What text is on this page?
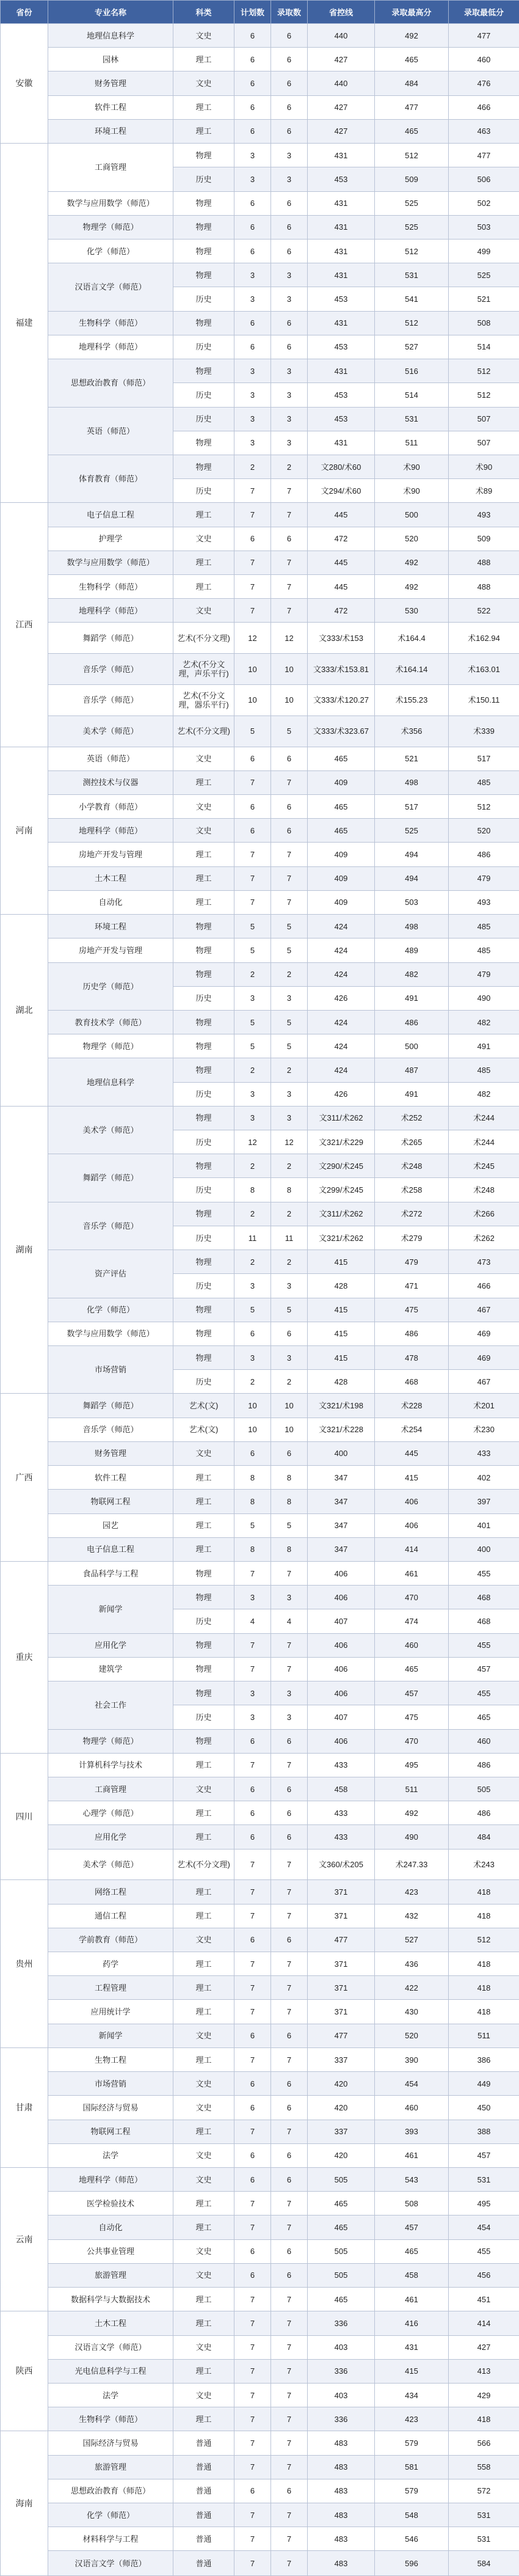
省份	专业名称	科类	计划数	录取数	省控线	录取最高分	录取最低分
安徽	地理信息科学	文史	6	6	440	492	477
	园林	理工	6	6	427	465	460
	财务管理	文史	6	6	440	484	476
	软件工程	理工	6	6	427	477	466
	环境工程	理工	6	6	427	465	463
福建	工商管理	物理	3	3	431	512	477
		历史	3	3	453	509	506
	数学与应用数学（师范）	物理	6	6	431	525	502
	物理学（师范）	物理	6	6	431	525	503
	化学（师范）	物理	6	6	431	512	499
	汉语言文学（师范）	物理	3	3	431	531	525
		历史	3	3	453	541	521
	生物科学（师范）	物理	6	6	431	512	508
	地理科学（师范）	历史	6	6	453	527	514
	思想政治教育（师范）	物理	3	3	431	516	512
		历史	3	3	453	514	512
	英语（师范）	历史	3	3	453	531	507
		物理	3	3	431	511	507
	体育教育（师范）	物理	2	2	文280/术60	术90	术90
		历史	7	7	文294/术60	术90	术89
江西	电子信息工程	理工	7	7	445	500	493
	护理学	文史	6	6	472	520	509
	数学与应用数学（师范）	理工	7	7	445	492	488
	生物科学（师范）	理工	7	7	445	492	488
	地理科学（师范）	文史	7	7	472	530	522
	舞蹈学（师范）	艺术(不分文理)	12	12	文333/术153	术164.4	术162.94
	音乐学（师范）	艺术(不分文理，声乐平行)	10	10	文333/术153.81	术164.14	术163.01
	音乐学（师范）	艺术(不分文理，器乐平行)	10	10	文333/术120.27	术155.23	术150.11
	美术学（师范）	艺术(不分文理)	5	5	文333/术323.67	术356	术339
河南	英语（师范）	文史	6	6	465	521	517
	测控技术与仪器	理工	7	7	409	498	485
	小学教育（师范）	文史	6	6	465	517	512
	地理科学（师范）	文史	6	6	465	525	520
	房地产开发与管理	理工	7	7	409	494	486
	土木工程	理工	7	7	409	494	479
	自动化	理工	7	7	409	503	493
湖北	环境工程	物理	5	5	424	498	485
	房地产开发与管理	物理	5	5	424	489	485
	历史学（师范）	物理	2	2	424	482	479
		历史	3	3	426	491	490
	教育技术学（师范）	物理	5	5	424	486	482
	物理学（师范）	物理	5	5	424	500	491
	地理信息科学	物理	2	2	424	487	485
		历史	3	3	426	491	482
湖南	美术学（师范）	物理	3	3	文311/术262	术252	术244
		历史	12	12	文321/术229	术265	术244
	舞蹈学（师范）	物理	2	2	文290/术245	术248	术245
		历史	8	8	文299/术245	术258	术248
	音乐学（师范）	物理	2	2	文311/术262	术272	术266
		历史	11	11	文321/术262	术279	术262
	资产评估	物理	2	2	415	479	473
		历史	3	3	428	471	466
	化学（师范）	物理	5	5	415	475	467
	数学与应用数学（师范）	物理	6	6	415	486	469
	市场营销	物理	3	3	415	478	469
		历史	2	2	428	468	467
广西	舞蹈学（师范）	艺术(文)	10	10	文321/术198	术228	术201
	音乐学（师范）	艺术(文)	10	10	文321/术228	术254	术230
	财务管理	文史	6	6	400	445	433
	软件工程	理工	8	8	347	415	402
	物联网工程	理工	8	8	347	406	397
	园艺	理工	5	5	347	406	401
	电子信息工程	理工	8	8	347	414	400
重庆	食品科学与工程	物理	7	7	406	461	455
	新闻学	物理	3	3	406	470	468
		历史	4	4	407	474	468
	应用化学	物理	7	7	406	460	455
	建筑学	物理	7	7	406	465	457
	社会工作	物理	3	3	406	457	455
		历史	3	3	407	475	465
	物理学（师范）	物理	6	6	406	470	460
四川	计算机科学与技术	理工	7	7	433	495	486
	工商管理	文史	6	6	458	511	505
	心理学（师范）	理工	6	6	433	492	486
	应用化学	理工	6	6	433	490	484
	美术学（师范）	艺术(不分文理)	7	7	文360/术205	术247.33	术243
贵州	网络工程	理工	7	7	371	423	418
	通信工程	理工	7	7	371	432	418
	学前教育（师范）	文史	6	6	477	527	512
	药学	理工	7	7	371	436	418
	工程管理	理工	7	7	371	422	418
	应用统计学	理工	7	7	371	430	418
	新闻学	文史	6	6	477	520	511
甘肃	生物工程	理工	7	7	337	390	386
	市场营销	文史	6	6	420	454	449
	国际经济与贸易	文史	6	6	420	460	450
	物联网工程	理工	7	7	337	393	388
	法学	文史	6	6	420	461	457
云南	地理科学（师范）	文史	6	6	505	543	531
	医学检验技术	理工	7	7	465	508	495
	自动化	理工	7	7	465	457	454
	公共事业管理	文史	6	6	505	465	455
	旅游管理	文史	6	6	505	458	456
	数据科学与大数据技术	理工	7	7	465	461	451
陕西	土木工程	理工	7	7	336	416	414
	汉语言文学（师范）	文史	7	7	403	431	427
	光电信息科学与工程	理工	7	7	336	415	413
	法学	文史	7	7	403	434	429
	生物科学（师范）	理工	7	7	336	423	418
海南	国际经济与贸易	普通	7	7	483	579	566
	旅游管理	普通	7	7	483	581	558
	思想政治教育（师范）	普通	6	6	483	579	572
	化学（师范）	普通	7	7	483	548	531
	材料科学与工程	普通	7	7	483	546	531
	汉语言文学（师范）	普通	7	7	483	596	584
